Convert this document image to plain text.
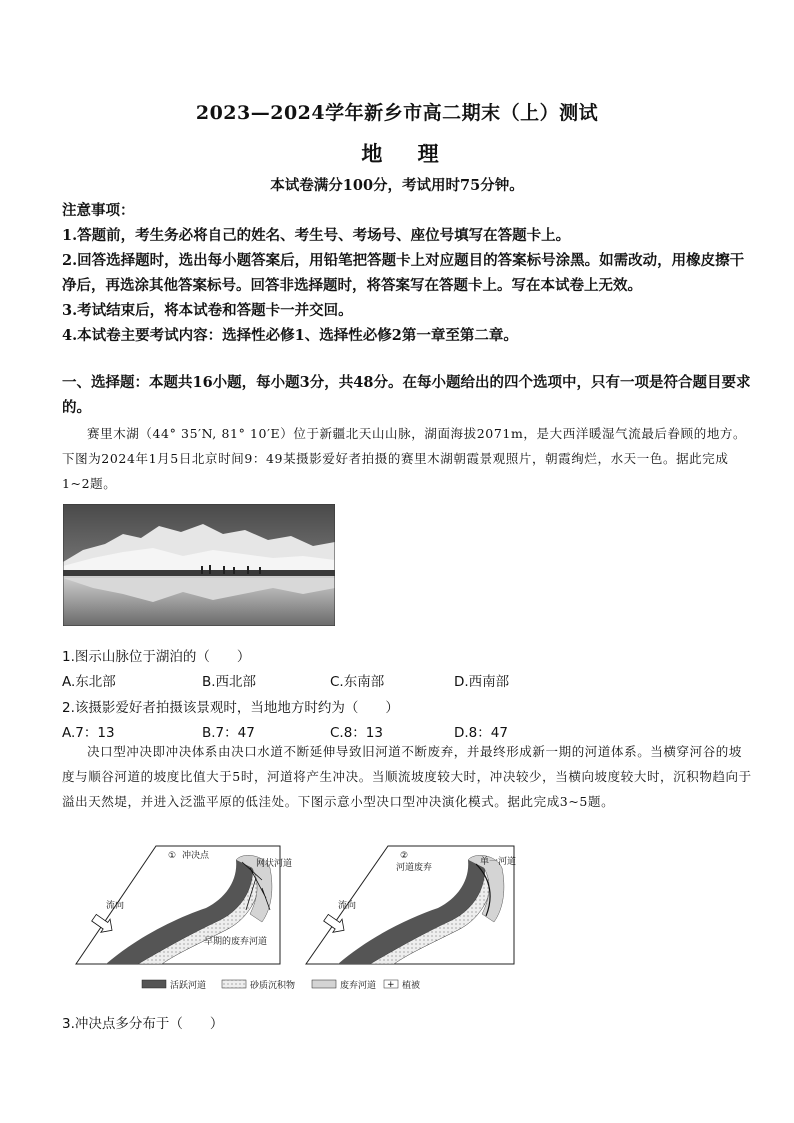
2023—2024学年新乡市高二期末（上）测试
地 理
本试卷满分100分，考试用时75分钟。

注意事项：

1.答题前，考生务必将自己的姓名、考生号、考场号、座位号填写在答题卡上。

2.回答选择题时，选出每小题答案后，用铅笔把答题卡上对应题目的答案标号涂黑。如需改动，用橡皮擦干净后，再选涂其他答案标号。回答非选择题时，将答案写在答题卡上。写在本试卷上无效。

3.考试结束后，将本试卷和答题卡一并交回。

4.本试卷主要考试内容：选择性必修1、选择性必修2第一章至第二章。

一、选择题：本题共16小题，每小题3分，共48分。在每小题给出的四个选项中，只有一项是符合题目要求的。

赛里木湖（44° 35′N, 81° 10′E）位于新疆北天山山脉，湖面海拔2071m，是大西洋暖湿气流最后眷顾的地方。下图为2024年1月5日北京时间9：49某摄影爱好者拍摄的赛里木湖朝霞景观照片，朝霞绚烂，水天一色。据此完成1~2题。

1.图示山脉位于湖泊的（　　）
A.东北部	B.西北部	C.东南部	D.西南部
2.该摄影爱好者拍摄该景观时，当地地方时约为（　　）
A.7：13	B.7：47	C.8：13	D.8：47

决口型冲决即冲决体系由决口水道不断延伸导致旧河道不断废弃，并最终形成新一期的河道体系。当横穿河谷的坡度与顺谷河道的坡度比值大于5时，河道将产生冲决。当顺流坡度较大时，冲决较少，当横向坡度较大时，沉积物趋向于溢出天然堤，并进入泛滥平原的低洼处。下图示意小型决口型冲决演化模式。据此完成3~5题。

① 冲决点
网状河道
流向
早期的废弃河道
②
河道废弃
单一河道
流向
活跃河道	砂质沉积物	废弃河道 + 植被
3.冲决点多分布于（　　）
